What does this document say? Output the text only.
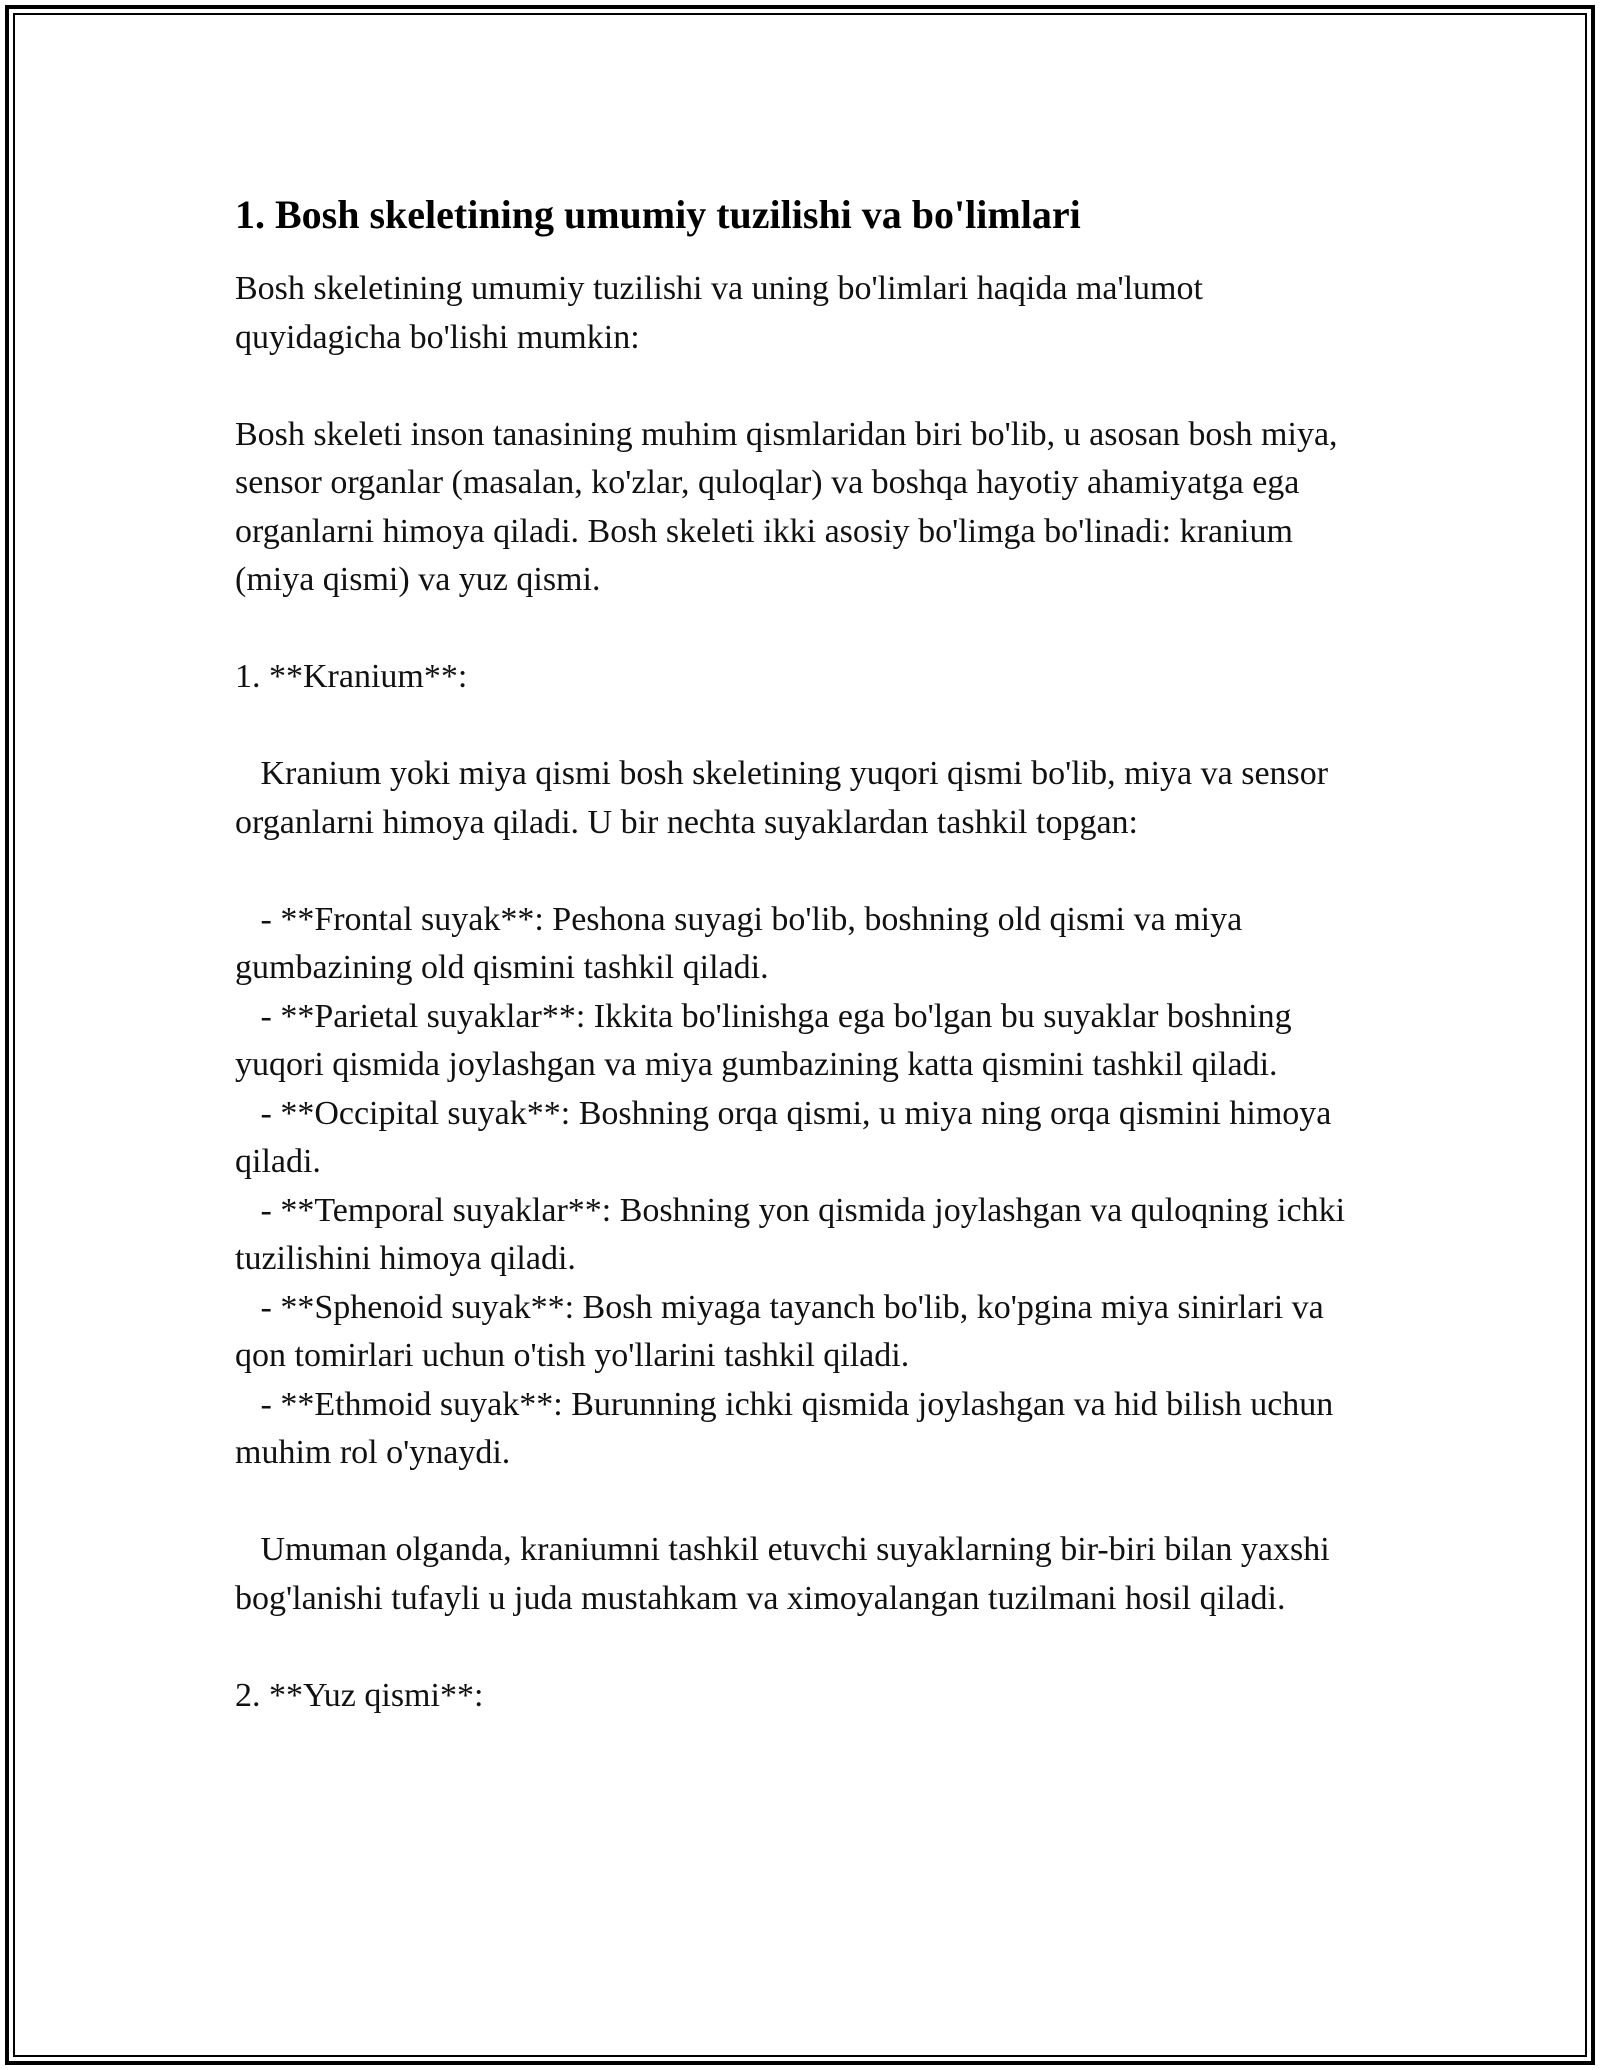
1. Bosh skeletining umumiy tuzilishi va bo'limlari

Bosh skeletining umumiy tuzilishi va uning bo'limlari haqida ma'lumot quyidagicha bo'lishi mumkin:

Bosh skeleti inson tanasining muhim qismlaridan biri bo'lib, u asosan bosh miya, sensor organlar (masalan, ko'zlar, quloqlar) va boshqa hayotiy ahamiyatga ega organlarni himoya qiladi. Bosh skeleti ikki asosiy bo'limga bo'linadi: kranium (miya qismi) va yuz qismi.

1. **Kranium**:

Kranium yoki miya qismi bosh skeletining yuqori qismi bo'lib, miya va sensor organlarni himoya qiladi. U bir nechta suyaklardan tashkil topgan:

- **Frontal suyak**: Peshona suyagi bo'lib, boshning old qismi va miya gumbazining old qismini tashkil qiladi.

- **Parietal suyaklar**: Ikkita bo'linishga ega bo'lgan bu suyaklar boshning yuqori qismida joylashgan va miya gumbazining katta qismini tashkil qiladi.

- **Occipital suyak**: Boshning orqa qismi, u miya ning orqa qismini himoya qiladi.

- **Temporal suyaklar**: Boshning yon qismida joylashgan va quloqning ichki tuzilishini himoya qiladi.

- **Sphenoid suyak**: Bosh miyaga tayanch bo'lib, ko'pgina miya sinirlari va qon tomirlari uchun o'tish yo'llarini tashkil qiladi.

- **Ethmoid suyak**: Burunning ichki qismida joylashgan va hid bilish uchun muhim rol o'ynaydi.

Umuman olganda, kraniumni tashkil etuvchi suyaklarning bir-biri bilan yaxshi bog'lanishi tufayli u juda mustahkam va ximoyalangan tuzilmani hosil qiladi.

2. **Yuz qismi**:
